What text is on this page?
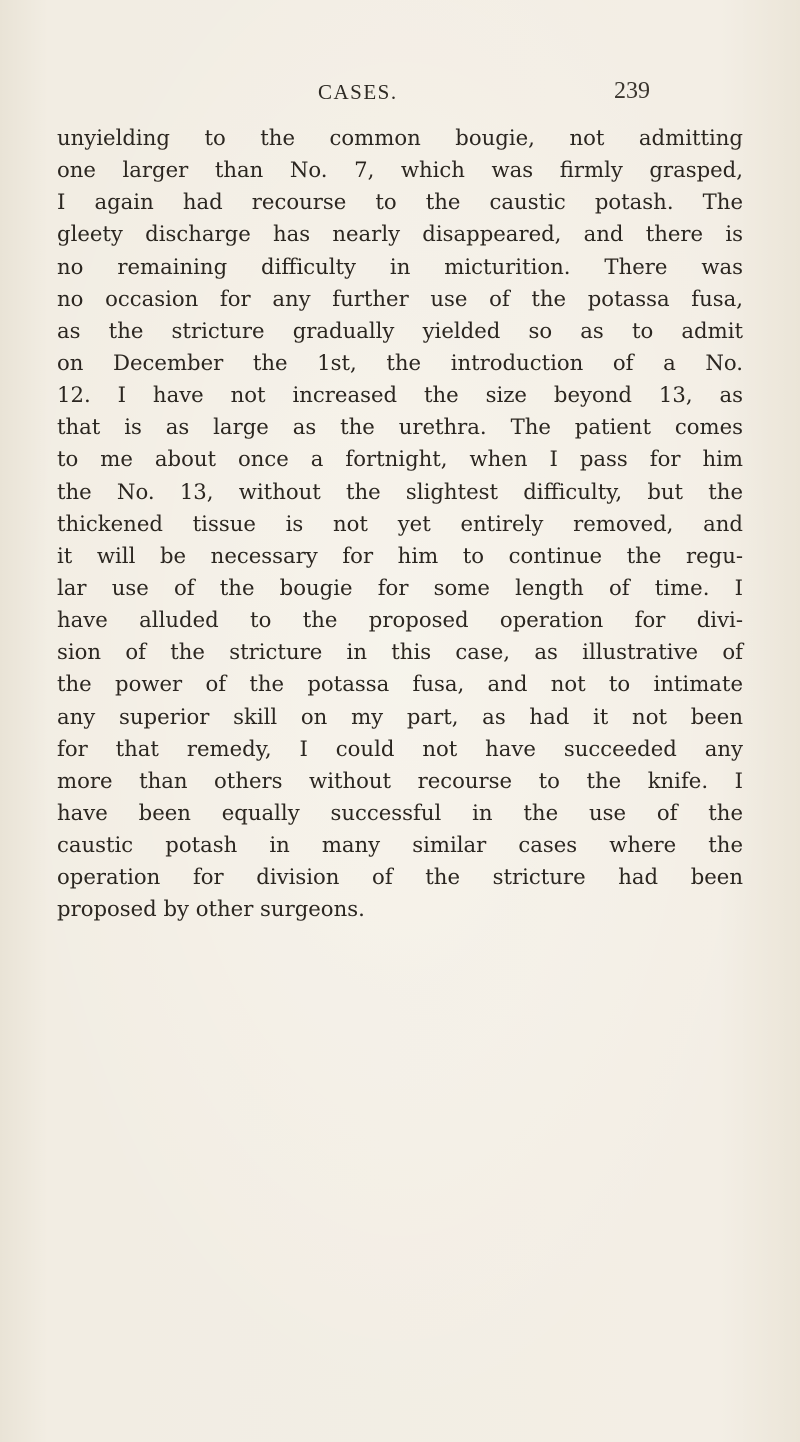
CASES.	239
unyielding to the common bougie, not admitting
one larger than No. 7, which was firmly grasped,
I again had recourse to the caustic potash. The
gleety discharge has nearly disappeared, and there is
no remaining difficulty in micturition. There was
no occasion for any further use of the potassa fusa,
as the stricture gradually yielded so as to admit
on December the 1st, the introduction of a No.
12. I have not increased the size beyond 13, as
that is as large as the urethra. The patient comes
to me about once a fortnight, when I pass for him
the No. 13, without the slightest difficulty, but the
thickened tissue is not yet entirely removed, and
it will be necessary for him to continue the regu-
lar use of the bougie for some length of time. I
have alluded to the proposed operation for divi-
sion of the stricture in this case, as illustrative of
the power of the potassa fusa, and not to intimate
any superior skill on my part, as had it not been
for that remedy, I could not have succeeded any
more than others without recourse to the knife. I
have been equally successful in the use of the
caustic potash in many similar cases where the
operation for division of the stricture had been
proposed by other surgeons.
